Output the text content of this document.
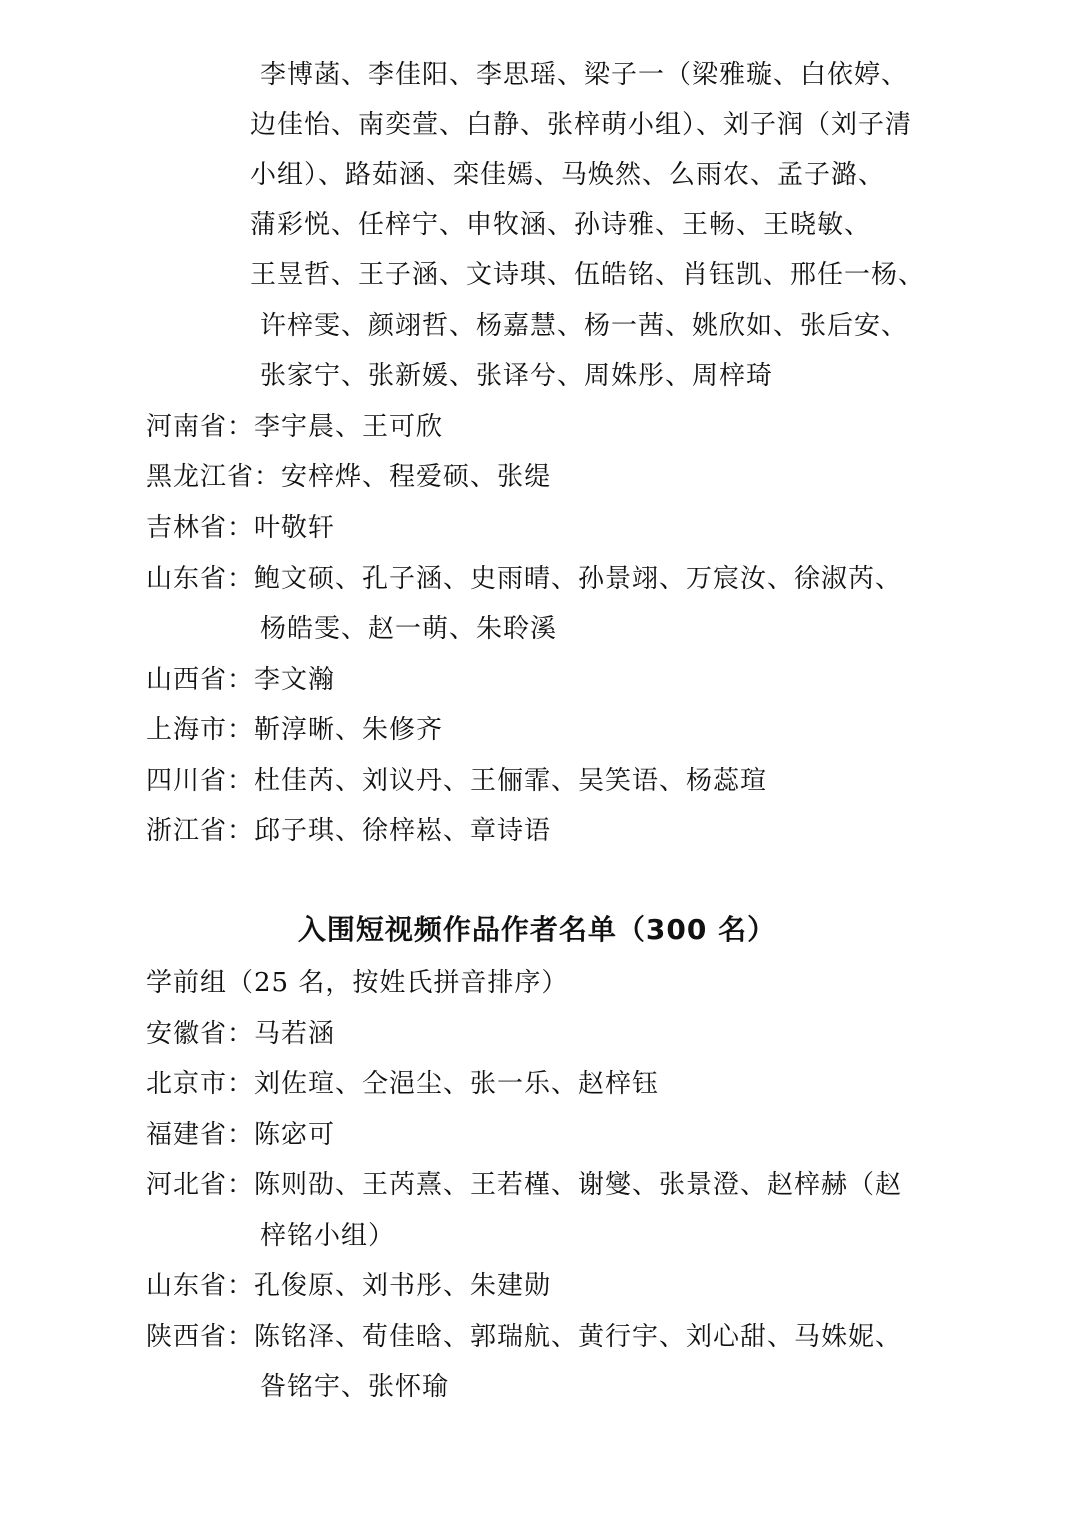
李博菡、李佳阳、李思瑶、梁子一（梁雅璇、白依婷、
边佳怡、南奕萱、白静、张梓萌小组）、刘子润（刘子清
小组）、路茹涵、栾佳嫣、马焕然、么雨农、孟子潞、
蒲彩悦、任梓宁、申牧涵、孙诗雅、王畅、王晓敏、
王昱哲、王子涵、文诗琪、伍皓铭、肖钰凯、邢任一杨、
许梓雯、颜翊哲、杨嘉慧、杨一茜、姚欣如、张后安、
张家宁、张新媛、张译兮、周姝彤、周梓琦
河南省： 李宇晨、王可欣
黑龙江省： 安梓烨、程爱硕、张缇
吉林省： 叶敬轩
山东省： 鲍文硕、孔子涵、史雨晴、孙景翊、万宸汝、徐淑芮、
杨皓雯、赵一萌、朱聆溪
山西省： 李文瀚
上海市： 靳淳晰、朱修齐
四川省： 杜佳芮、刘议丹、王俪霏、吴笑语、杨蕊瑄
浙江省： 邱子琪、徐梓崧、章诗语
入围短视频作品作者名单（300 名）
学前组（25 名，按姓氏拼音排序）
安徽省： 马若涵
北京市： 刘佐瑄、仝浥尘、张一乐、赵梓钰
福建省： 陈宓可
河北省： 陈则劭、王芮熹、王若槿、谢燮、张景澄、赵梓赫（赵
梓铭小组）
山东省： 孔俊原、刘书彤、朱建勋
陕西省： 陈铭泽、荀佳晗、郭瑞航、黄行宇、刘心甜、马姝妮、
昝铭宇、张怀瑜
